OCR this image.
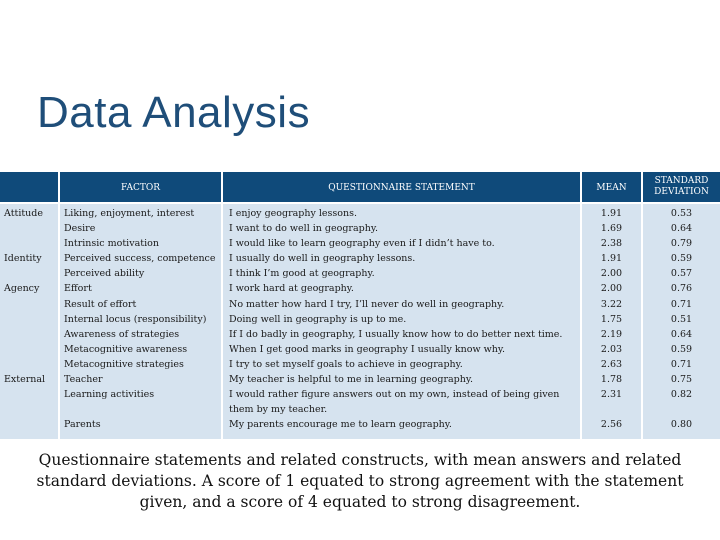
Data Analysis
FACTOR	QUESTIONNAIRE STATEMENT	MEAN
STANDARD
DEVIATION
Attitude
Identity
Agency
External
Liking, enjoyment, interest
Desire
Intrinsic motivation
Perceived success, competence
Perceived ability
Effort
Result of effort
Internal locus (responsibility)
Awareness of strategies
Metacognitive awareness
Metacognitive strategies
Teacher
Learning activities

Parents
I enjoy geography lessons.
I want to do well in geography.
I would like to learn geography even if I didn’t have to.
I usually do well in geography lessons.
I think I’m good at geography.
I work hard at geography.
No matter how hard I try, I’ll never do well in geography.
Doing well in geography is up to me.
If I do badly in geography, I usually know how to do better next time.
When I get good marks in geography I usually know why.
I try to set myself goals to achieve in geography.
My teacher is helpful to me in learning geography.
I would rather figure answers out on my own, instead of being given
them by my teacher.
My parents encourage me to learn geography.
1.91
1.69
2.38
1.91
2.00
2.00
3.22
1.75
2.19
2.03
2.63
1.78
2.31

2.56
0.53
0.64
0.79
0.59
0.57
0.76
0.71
0.51
0.64
0.59
0.71
0.75
0.82

0.80
Questionnaire statements and related constructs, with mean answers and related standard deviations. A score of 1 equated to strong agreement with the statement given, and a score of 4 equated to strong disagreement.
